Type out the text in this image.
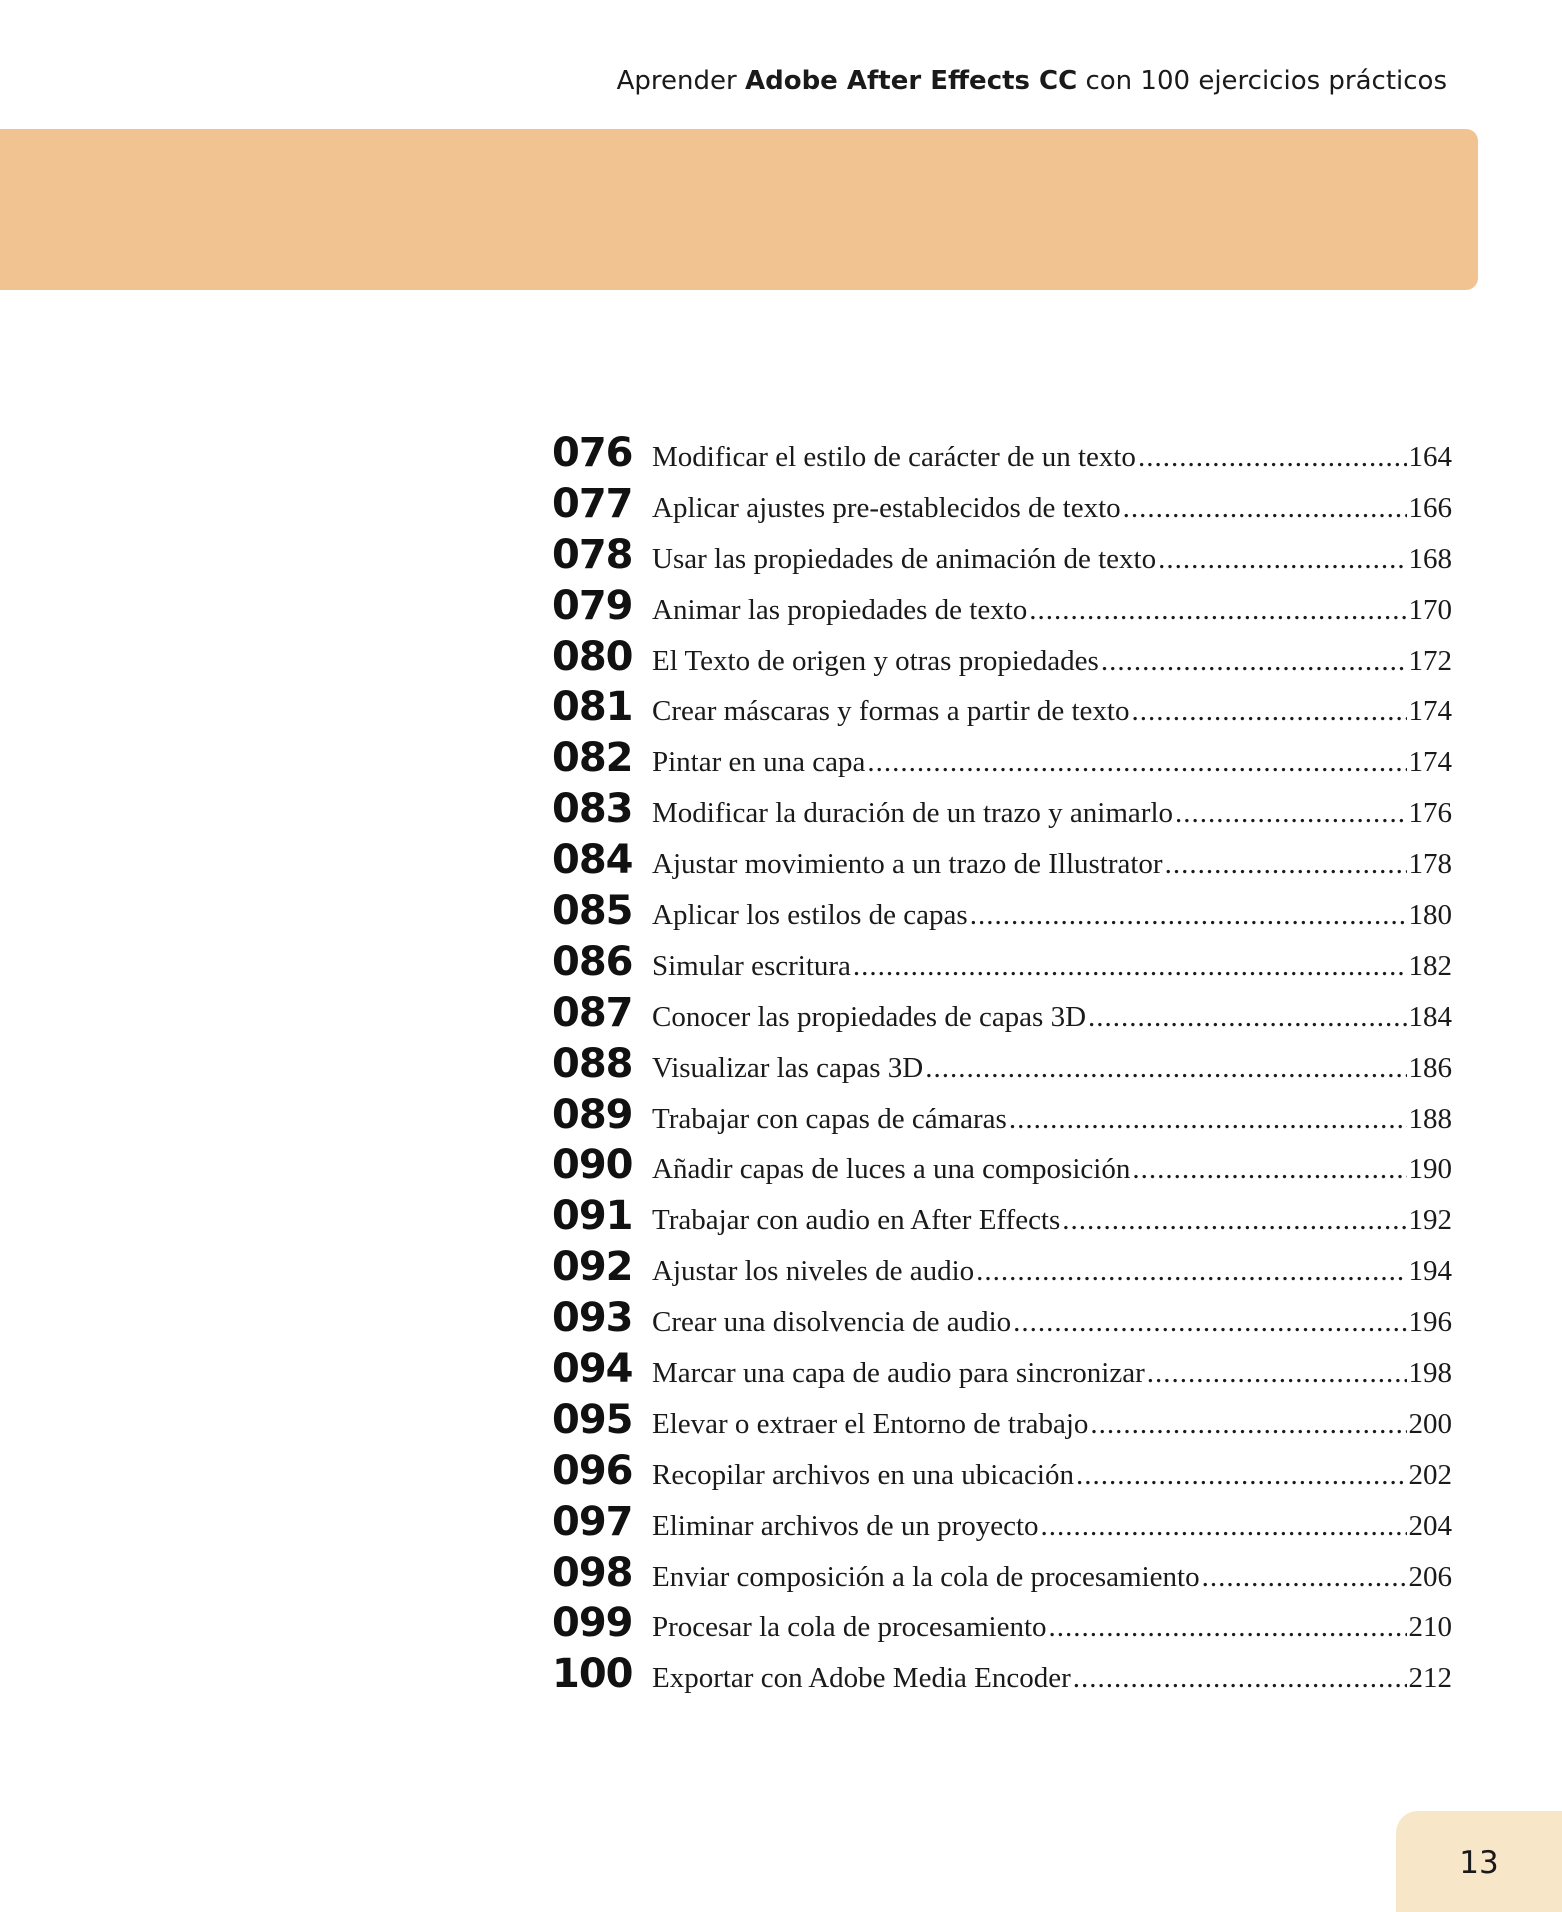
Aprender Adobe After Effects CC con 100 ejercicios prácticos
076 Modificar el estilo de carácter de un texto .....	164
077 Aplicar ajustes pre-establecidos de texto .....	166
078 Usar las propiedades de animación de texto .....	168
079 Animar las propiedades de texto .....	170
080 El Texto de origen y otras propiedades .....	172
081 Crear máscaras y formas a partir de texto .....	174
082 Pintar en una capa .....	174
083 Modificar la duración de un trazo y animarlo .....	176
084 Ajustar movimiento a un trazo de Illustrator .....	178
085 Aplicar los estilos de capas .....	180
086 Simular escritura .....	182
087 Conocer las propiedades de capas 3D .....	184
088 Visualizar las capas 3D .....	186
089 Trabajar con capas de cámaras .....	188
090 Añadir capas de luces a una composición .....	190
091 Trabajar con audio en After Effects .....	192
092 Ajustar los niveles de audio .....	194
093 Crear una disolvencia de audio .....	196
094 Marcar una capa de audio para sincronizar .....	198
095 Elevar o extraer el Entorno de trabajo .....	200
096 Recopilar archivos en una ubicación .....	202
097 Eliminar archivos de un proyecto .....	204
098 Enviar composición a la cola de procesamiento .....	206
099 Procesar la cola de procesamiento .....	210
100 Exportar con Adobe Media Encoder .....	212
13
